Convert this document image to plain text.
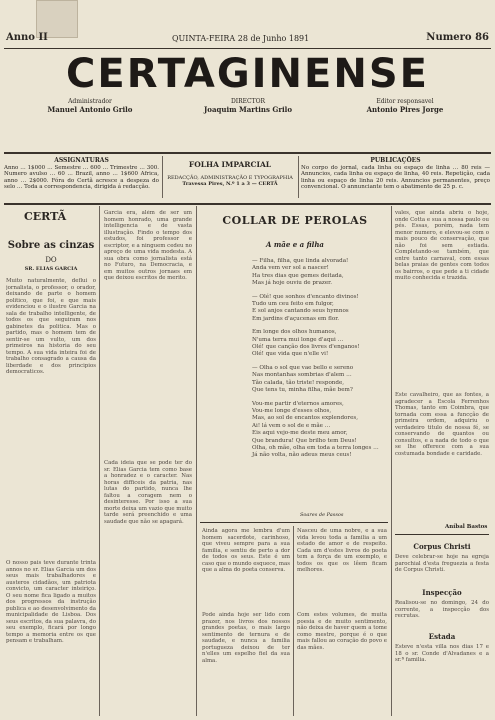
Anno II	QUINTA-FEIRA 28 de Junho 1891	Numero 86
CERTAGINENSE
Administrador
Manuel Antonio Grilo
DIRECTOR
Joaquim Martins Grilo
Editor responsavel
Antonio Pires Jorge
ASSIGNATURAS
Anno … 1$000 … Semestre … 600 … Trimestre … 300. Numero avulso … 60 … Brazil, anno … 1$600 Africa, anno … 2$000. Fóra do Certã acresce a despeza do selo … Toda a correspondencia, dirigida á redacção.
FOLHA IMPARCIAL
REDACÇÃO, ADMINISTRAÇÃO E TYPOGRAPHIA
Travessa Pires, N.º 1 a 3 — CERTÃ
PUBLICAÇÕES
No corpo do jornal, cada linha ou espaço de linha … 80 reis — Annuncios, cada linha ou espaço de linha, 40 reis. Repetição, cada linha ou espaço de linha 20 reis. Annuncios permanentes, preço convencional. O annunciante tem o abatimento de 25 p. c.
CERTÃ
Sobre as cinzas
DO
SR. ELIAS GARCIA
Muito naturalmente, deflui o jornalista, o professor, o orador, deixando de parte o homem politico, que foi, e que mais evidenciou e o ilustre Garcia na sala de trabalho intelligente, de todos os que seguiram nos gabinetes da politica. Mas o partido, mas o homem tem de sentir-se um vulto, um dos primeiros na historia do seu tempo. A sua vida inteira foi de trabalho consagrado a causa da liberdade e dos principios democraticos.
O nosso pais teve durante trinta annos no sr. Elias Garcia um dos seus mais trabalhadores e austeros cidadãos, um patriota convicto, um caracter inteiriço. O seu nome fica ligado a muitos dos progressos da instrução publica e ao desenvolvimento da municipalidade de Lisboa. Dos seus escritos, da sua palavra, do seu exemplo, ficará por longo tempo a memoria entre os que pensam e trabalham.
Garcia era, além de ser um homem honrado, uma grande intelligencia e de vasta illustração. Findo o tempo dos estudos, foi professor e escriptor, e a ninguem cedeu no apreço de uma vida modesta. A sua obra como jornalista está no Futuro, na Democracia, e em muitos outros jornaes em que deixou escritos de merito.
Cada ideia que se pode ter do sr. Elias Garcia tem como base a honradez e o caracter. Nas horas difficeis da patria, nas lutas do partido, nunca lhe faltou a coragem nem o desinteresse. Por isso a sua morte deixa um vazio que muito tarde será preenchido e uma saudade que não se apagará.
COLLAR DE PEROLAS
A mãe e a filha

— Filha, filha, que linda alvorada!

Anda vem ver sol a nascer!

Ha tres dias que gemes deitada,

Mas já hoje ouviu de prazer.

— Olé! que sonhos d'encanto divinos!

Tudo um ceu feito em fulgor,

E sol anjos cantando seus hymnos

Em jardins d'açucenas em flor.

Em longe dos olhos humanos,

N'uma terra mui longe d'aqui …

Olé! que canção dos livres d'enganos!

Olé! que vida que n'elle vi!

— Olha o sol que vae bello e sereno

Nas montanhas sombrias d'alem …

Tão calada, tão triste! responde,

Que tens tu, minha filha, mãe bem?

Vou-me partir d'eternos amores,

Vou-me longe d'esses olhos,

Mas, ao sol de encantos explendores,

Ai! lá vem o sol de e mãe …

Eis aqui vejo-me deste meu amor,

Que brandura! Que brilho tem Deus!

Olha, oh mãe, olha em toda a terra longes …

Já não volta, não adeus meus ceus!

Soares de Passos
Ainda agora me lembra d'um homem sacerdote, carinhoso, que viveu sempre para a sua familia, e sentiu de perto a dor de todos os seus. Este é um caso que o mundo esquece, mas que a alma do poeta conserva.
Pode ainda hoje ser lido com prazer, nos livros dos nossos grandes poetas, o mais largo sentimento de ternura e de saudade, e nunca a familia portugueza deixou de ter n'elles um espelho fiel da sua alma.
Nasceu de uma nobre, e a sua vida levou toda a familia a um estado de amor e de respeito. Cada um d'estes livros do poeta tem a força de um exemplo, e todos os que os lêem ficam melhores.
Com estes volumes, de muita poesia e de muito sentimento, não deixa de haver quem a tome como mestre, porque é o que mais fallou ao coração do povo e das mães.
vales, que ainda abriu o hoje, onde Cotta e sua a nossa paulo ou pés. Essas, porém, nada tem menor numero, e elevou-se com o mais pouco de conservação, que não foi sem estiada. Completando-se também, que entre tanto carnaval, com essas belas praias de gentes com todos os bairros, o que pede a ti cidade muito conhecida e trazida.
Este cavalheiro, que as fontes, a agradecer a Escola Ferrenhos Thomas, tanto em Coimbra, que tornada com essa a funcção de primeira ordem, adquiriu o verdadeiro titulo de nossa fé, se conservando de quantos ou consultos, e a nada de todo o que se lhe offerece com a sua costumada bondade e caridade.
Aníbal Bastos
Corpus Christi
Deve celebrar-se hoje na egreja parochial d'esta freguezia a festa de Corpus Christi.
Inspecção
Realisou-se no domingo, 24 do corrente, a inspecção dos recrutas.
Estada
Esteve n'esta villa nos dias 17 e 18 o sr. Conde d'Alvadanes e a sr.ª familia.
